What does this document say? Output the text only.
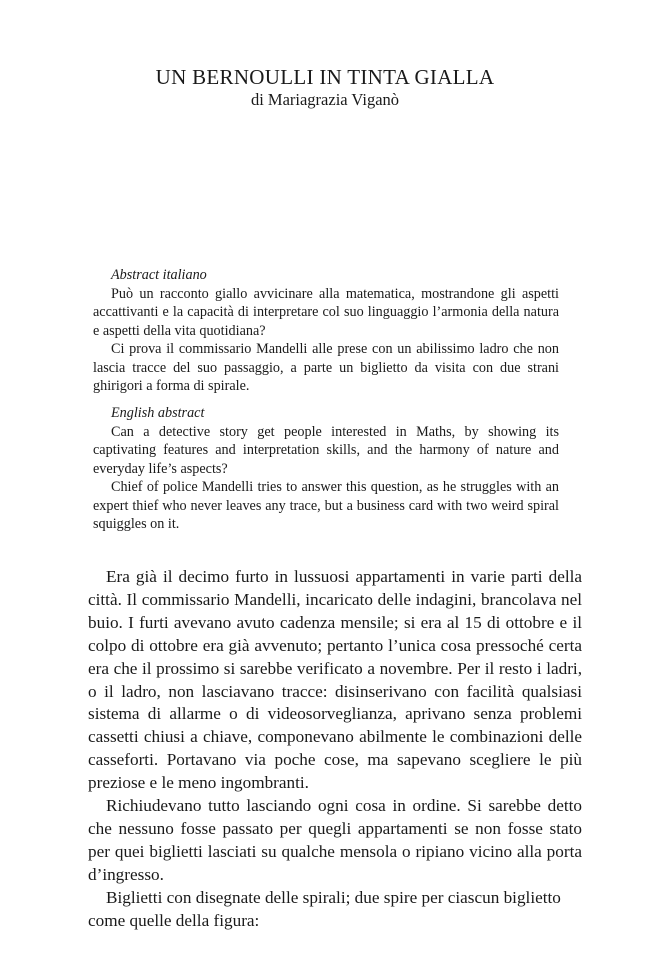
UN BERNOULLI IN TINTA GIALLA
di Mariagrazia Viganò
Abstract italiano

Può un racconto giallo avvicinare alla matematica, mostrandone gli aspetti accattivanti e la capacità di interpretare col suo linguaggio l’armonia della natura e aspetti della vita quotidiana?

Ci prova il commissario Mandelli alle prese con un abilissimo ladro che non lascia tracce del suo passaggio, a parte un biglietto da visita con due strani ghirigori a forma di spirale.

English abstract

Can a detective story get people interested in Maths, by showing its captivating features and interpretation skills, and the harmony of nature and everyday life’s aspects?

Chief of police Mandelli tries to answer this question, as he struggles with an expert thief who never leaves any trace, but a business card with two weird spiral squiggles on it.

Era già il decimo furto in lussuosi appartamenti in varie parti della città. Il commissario Mandelli, incaricato delle indagini, brancolava nel buio. I furti avevano avuto cadenza mensile; si era al 15 di ottobre e il colpo di ottobre era già avvenuto; pertanto l’unica cosa pressoché certa era che il prossimo si sarebbe verificato a novembre. Per il resto i ladri, o il ladro, non lasciavano tracce: disinserivano con facilità qualsiasi sistema di allarme o di videosorveglianza, aprivano senza problemi cassetti chiusi a chiave, componevano abilmente le combinazioni delle casseforti. Portavano via poche cose, ma sapevano scegliere le più preziose e le meno ingombranti.

Richiudevano tutto lasciando ogni cosa in ordine. Si sarebbe detto che nessuno fosse passato per quegli appartamenti se non fosse stato per quei biglietti lasciati su qualche mensola o ripiano vicino alla porta d’ingresso.

Biglietti con disegnate delle spirali; due spire per ciascun biglietto come quelle della figura:
